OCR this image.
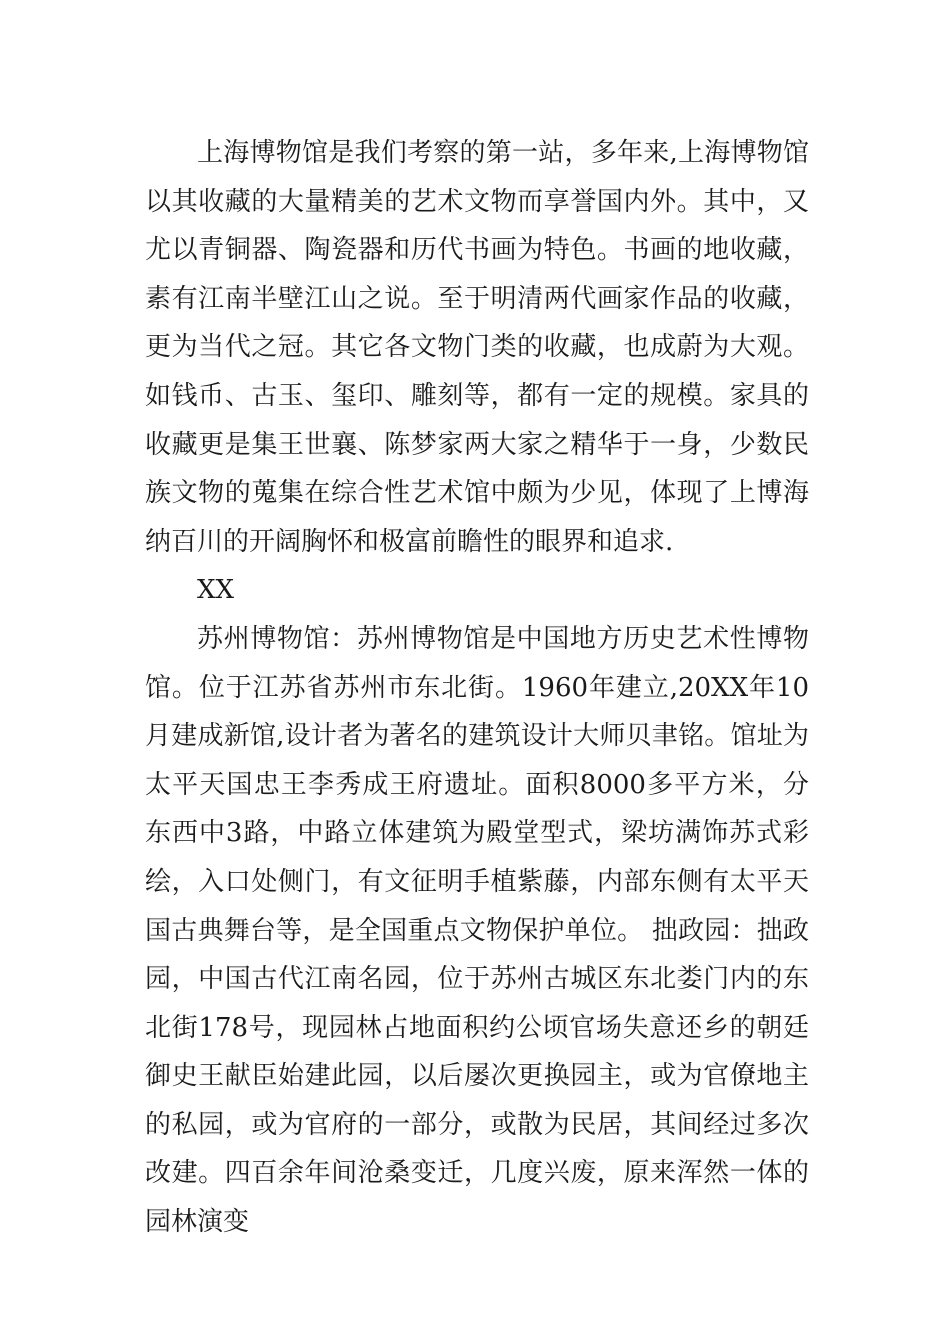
上海博物馆是我们考察的第一站，多年来,上海博物馆以其收藏的大量精美的艺术文物而享誉国内外。其中，又尤以青铜器、陶瓷器和历代书画为特色。书画的地收藏，素有江南半壁江山之说。至于明清两代画家作品的收藏，更为当代之冠。其它各文物门类的收藏，也成蔚为大观。如钱币、古玉、玺印、雕刻等，都有一定的规模。家具的收藏更是集王世襄、陈梦家两大家之精华于一身，少数民族文物的蒐集在综合性艺术馆中颇为少见，体现了上博海纳百川的开阔胸怀和极富前瞻性的眼界和追求.

XX

苏州博物馆：苏州博物馆是中国地方历史艺术性博物馆。位于江苏省苏州市东北街。1960年建立,20XX年10月建成新馆,设计者为著名的建筑设计大师贝聿铭。馆址为太平天国忠王李秀成王府遗址。面积8000多平方米，分东西中3路，中路立体建筑为殿堂型式，梁坊满饰苏式彩绘，入口处侧门，有文征明手植紫藤，内部东侧有太平天国古典舞台等，是全国重点文物保护单位。 拙政园：拙政园，中国古代江南名园，位于苏州古城区东北娄门内的东北街178号，现园林占地面积约公顷官场失意还乡的朝廷御史王献臣始建此园，以后屡次更换园主，或为官僚地主的私园，或为官府的一部分，或散为民居，其间经过多次改建。四百余年间沧桑变迁，几度兴废，原来浑然一体的园林演变
